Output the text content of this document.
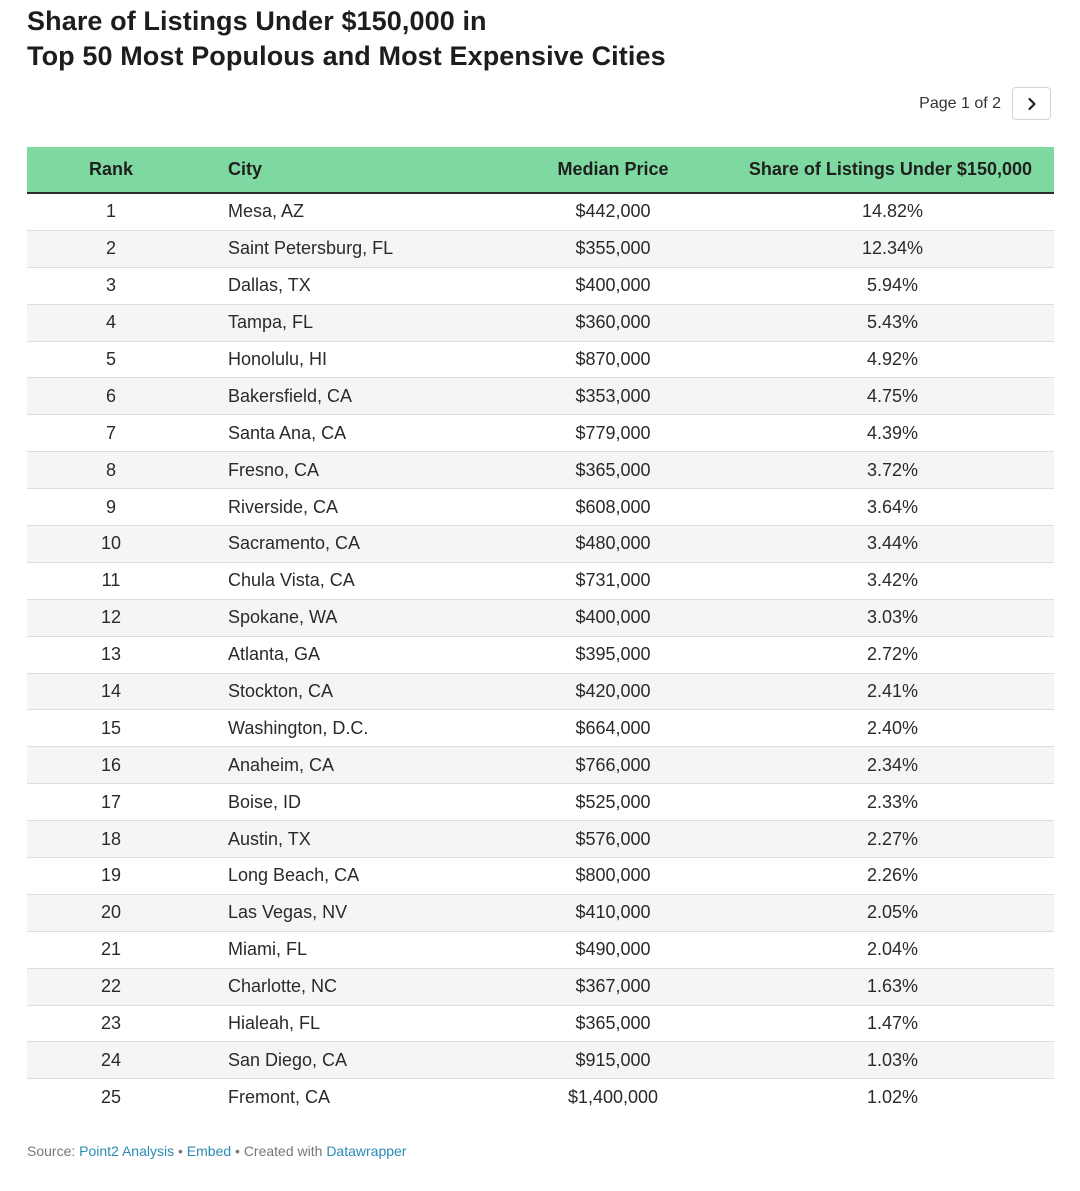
Share of Listings Under $150,000 in
Top 50 Most Populous and Most Expensive Cities
Page 1 of 2
Rank	City	Median Price	Share of Listings Under $150,000
1	Mesa, AZ	$442,000	14.82%
2	Saint Petersburg, FL	$355,000	12.34%
3	Dallas, TX	$400,000	5.94%
4	Tampa, FL	$360,000	5.43%
5	Honolulu, HI	$870,000	4.92%
6	Bakersfield, CA	$353,000	4.75%
7	Santa Ana, CA	$779,000	4.39%
8	Fresno, CA	$365,000	3.72%
9	Riverside, CA	$608,000	3.64%
10	Sacramento, CA	$480,000	3.44%
11	Chula Vista, CA	$731,000	3.42%
12	Spokane, WA	$400,000	3.03%
13	Atlanta, GA	$395,000	2.72%
14	Stockton, CA	$420,000	2.41%
15	Washington, D.C.	$664,000	2.40%
16	Anaheim, CA	$766,000	2.34%
17	Boise, ID	$525,000	2.33%
18	Austin, TX	$576,000	2.27%
19	Long Beach, CA	$800,000	2.26%
20	Las Vegas, NV	$410,000	2.05%
21	Miami, FL	$490,000	2.04%
22	Charlotte, NC	$367,000	1.63%
23	Hialeah, FL	$365,000	1.47%
24	San Diego, CA	$915,000	1.03%
25	Fremont, CA	$1,400,000	1.02%
Source: Point2 Analysis • Embed • Created with Datawrapper
